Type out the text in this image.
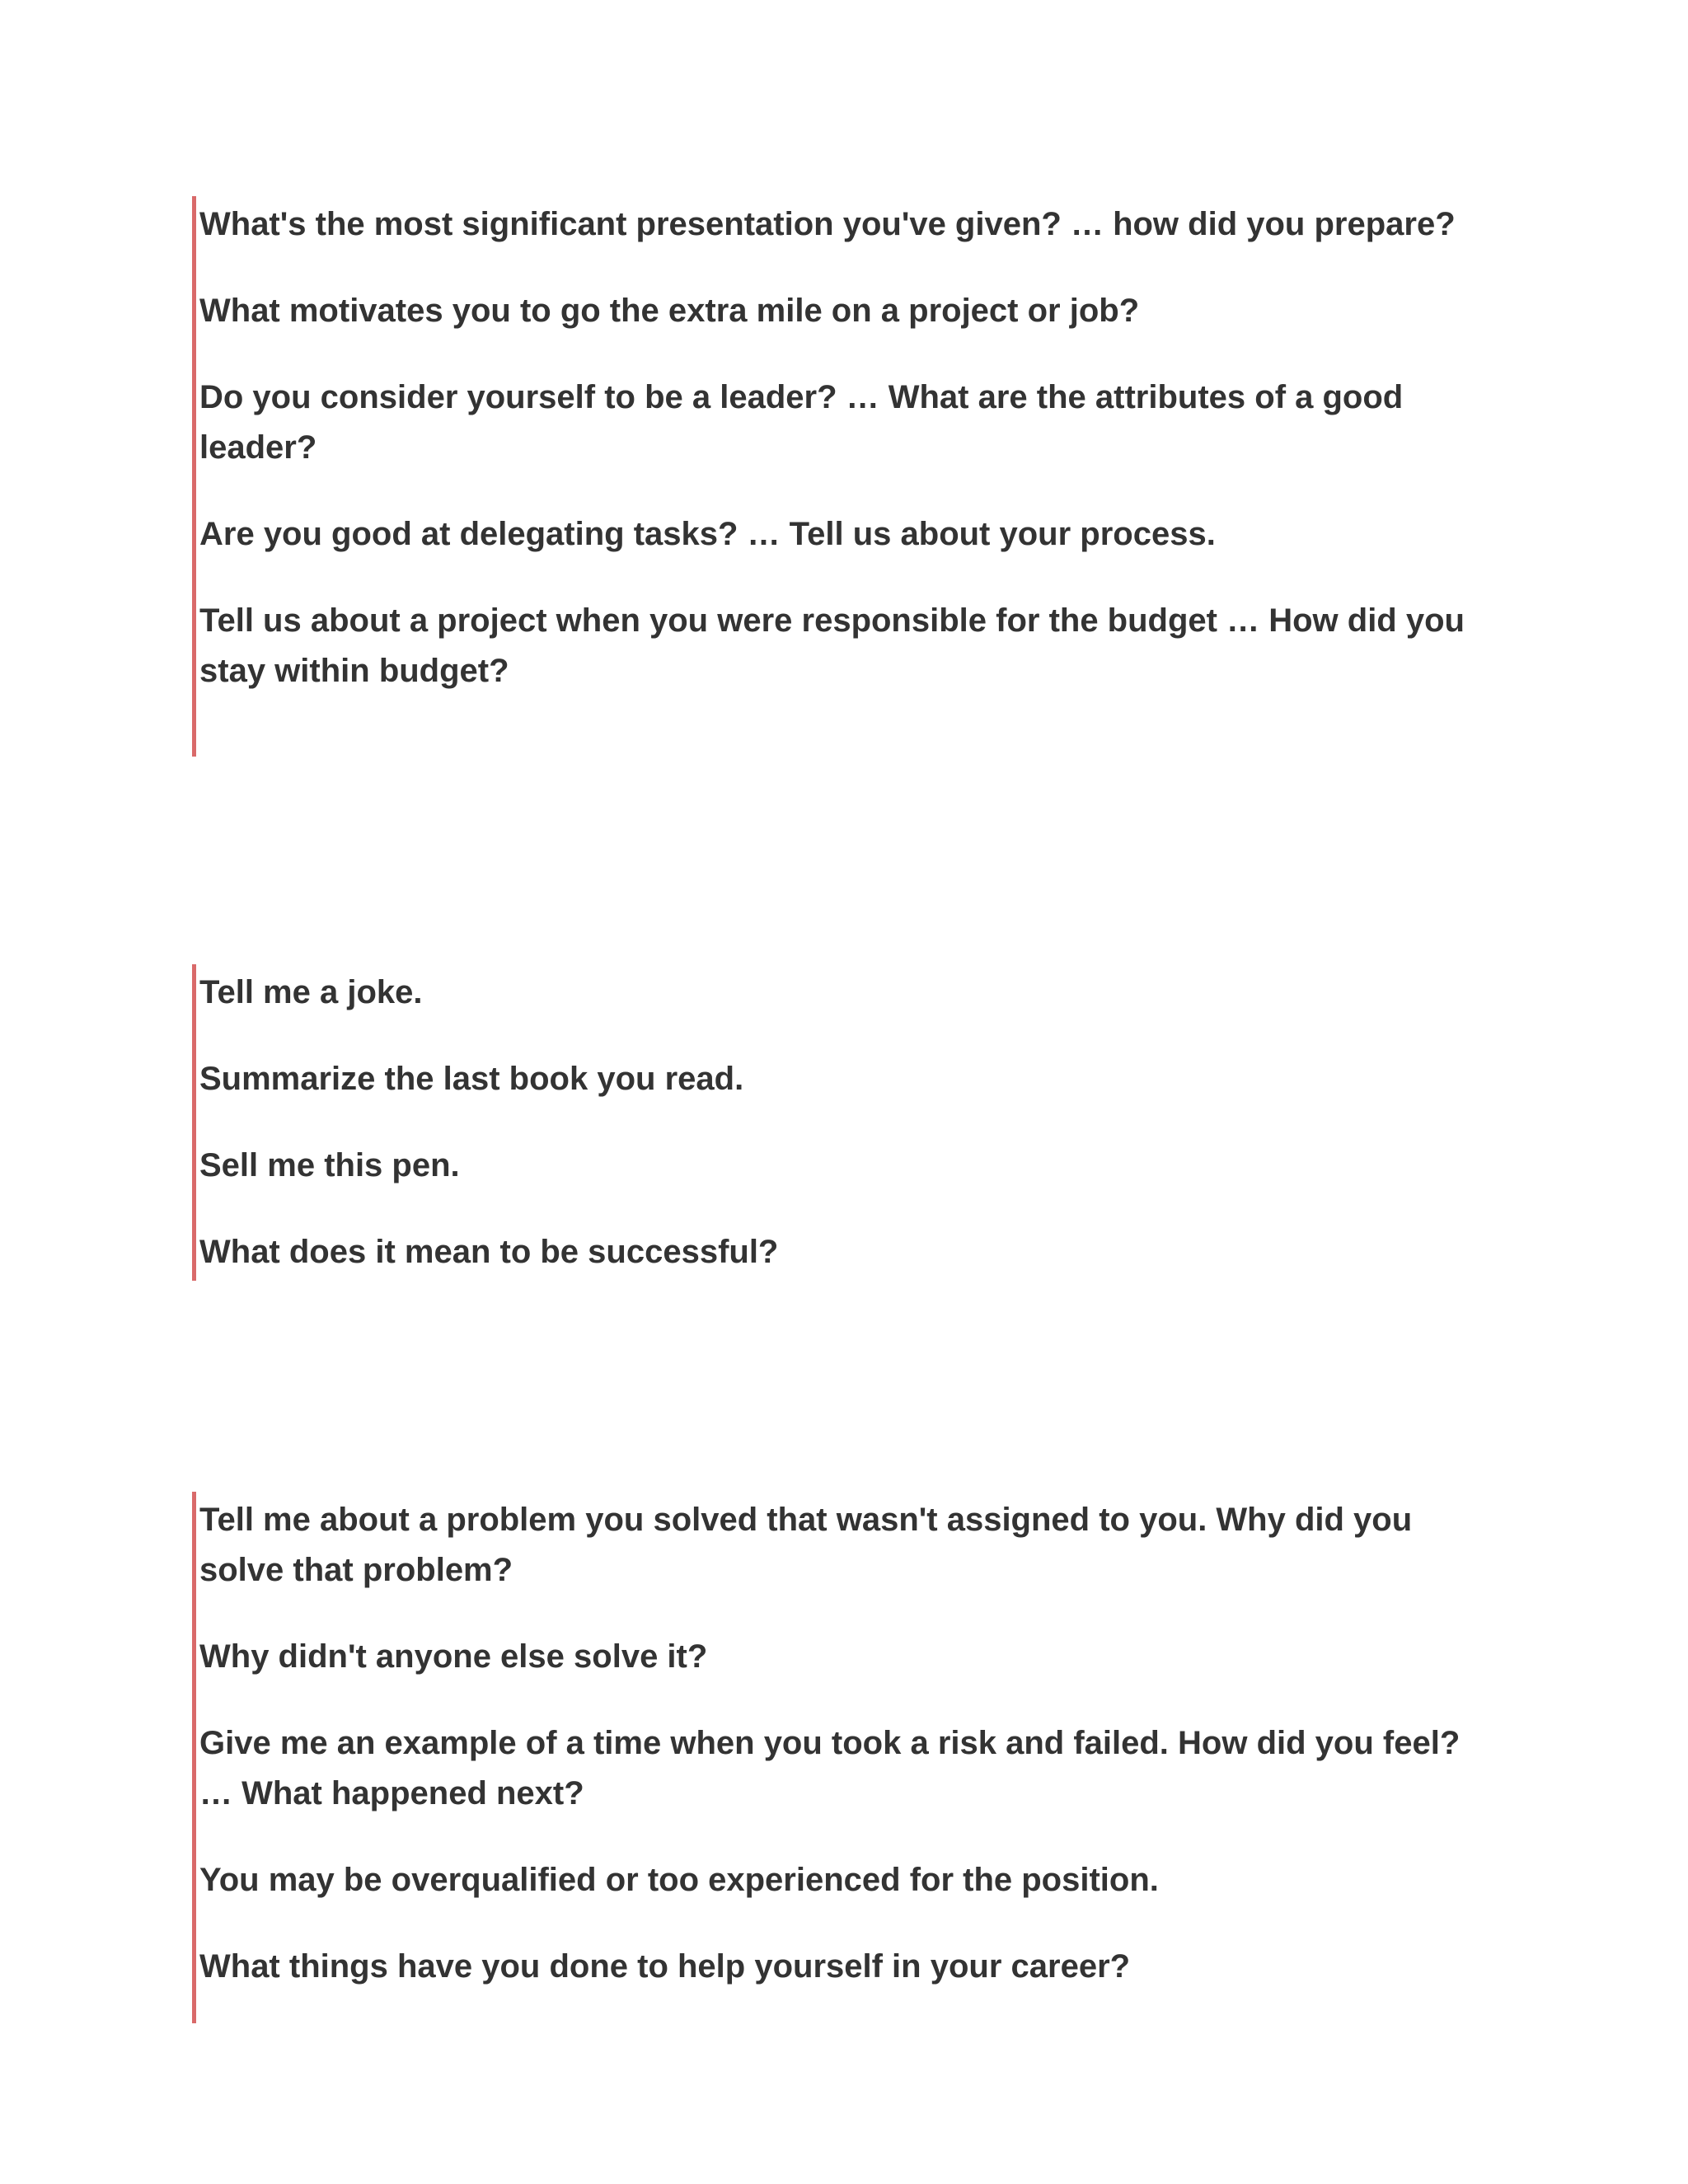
What's the most significant presentation you've given? … how did you prepare?

What motivates you to go the extra mile on a project or job?

Do you consider yourself to be a leader? … What are the attributes of a good leader?

Are you good at delegating tasks? … Tell us about your process.

Tell us about a project when you were responsible for the budget … How did you stay within budget?

Tell me a joke.

Summarize the last book you read.

Sell me this pen.

What does it mean to be successful?

Tell me about a problem you solved that wasn't assigned to you. Why did you solve that problem?

Why didn't anyone else solve it?

Give me an example of a time when you took a risk and failed. How did you feel? … What happened next?

You may be overqualified or too experienced for the position.

What things have you done to help yourself in your career?
